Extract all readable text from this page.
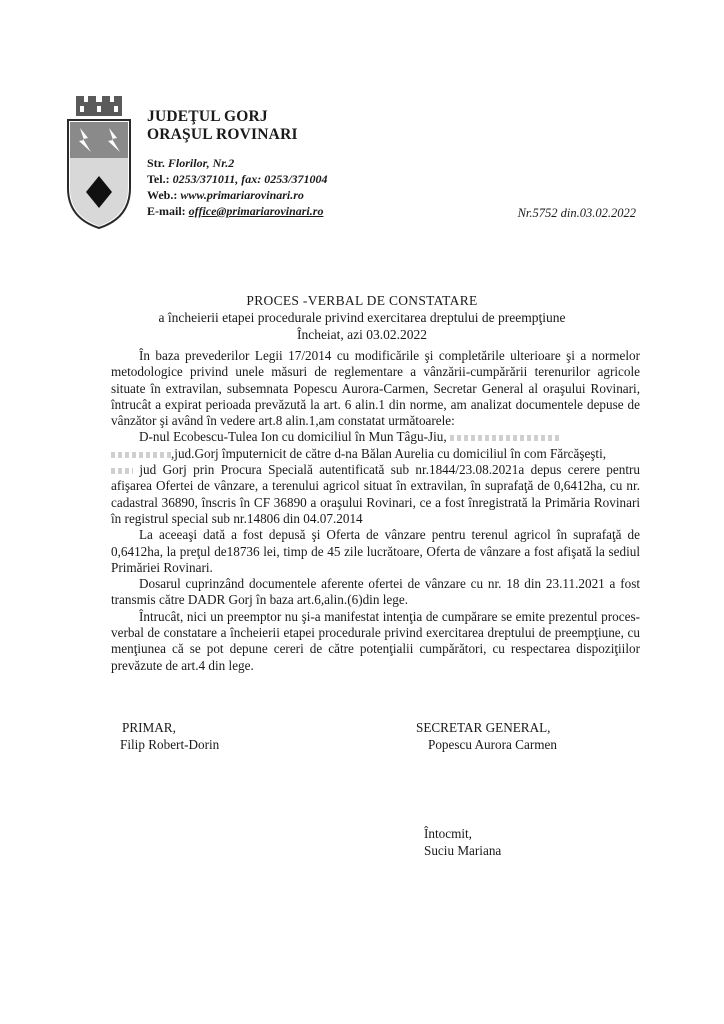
JUDEŢUL GORJ
ORAŞUL ROVINARI
Str. Florilor, Nr.2
Tel.: 0253/371011, fax: 0253/371004
Web.: www.primariarovinari.ro
E-mail: office@primariarovinari.ro	Nr.5752 din.03.02.2022
PROCES -VERBAL DE CONSTATARE
a încheierii etapei procedurale privind exercitarea dreptului de preempţiune
Încheiat, azi 03.02.2022

În baza prevederilor Legii 17/2014 cu modificările şi completările ulterioare şi a normelor metodologice privind unele măsuri de reglementare a vânzării-cumpărării terenurilor agricole situate în extravilan, subsemnata Popescu Aurora-Carmen, Secretar General al oraşului Rovinari, întrucât a expirat perioada prevăzută la art. 6 alin.1 din norme, am analizat documentele depuse de vânzător şi având în vedere art.8 alin.1,am constatat următoarele:

D-nul Ecobescu-Tulea Ion cu domiciliul în Mun Tâgu-Jiu,

,jud.Gorj împuternicit de către d-na Bălan Aurelia cu domiciliul în com Fărcăşeşti,
jud Gorj prin Procura Specială autentificată sub nr.1844/23.08.2021a depus cerere pentru afişarea Ofertei de vânzare, a terenului agricol situat în extravilan, în suprafaţă de 0,6412ha, cu nr. cadastral 36890, înscris în CF 36890 a oraşului Rovinari, ce a fost înregistrată la Primăria Rovinari în registrul special sub nr.14806 din 04.07.2014

La aceeaşi dată a fost depusă şi Oferta de vânzare pentru terenul agricol în suprafaţă de 0,6412ha, la preţul de18736 lei, timp de 45 zile lucrătoare, Oferta de vânzare a fost afişată la sediul Primăriei Rovinari.

Dosarul cuprinzând documentele aferente ofertei de vânzare cu nr. 18 din 23.11.2021 a fost transmis către DADR Gorj în baza art.6,alin.(6)din lege.

Întrucât, nici un preemptor nu şi-a manifestat intenţia de cumpărare se emite prezentul proces-verbal de constatare a încheierii etapei procedurale privind exercitarea dreptului de preempţiune, cu menţiunea că se pot depune cereri de către potenţialii cumpărători, cu respectarea dispoziţiilor prevăzute de art.4 din lege.

PRIMAR,
Filip Robert-Dorin
SECRETAR GENERAL,
Popescu Aurora Carmen
Întocmit,
Suciu Mariana
